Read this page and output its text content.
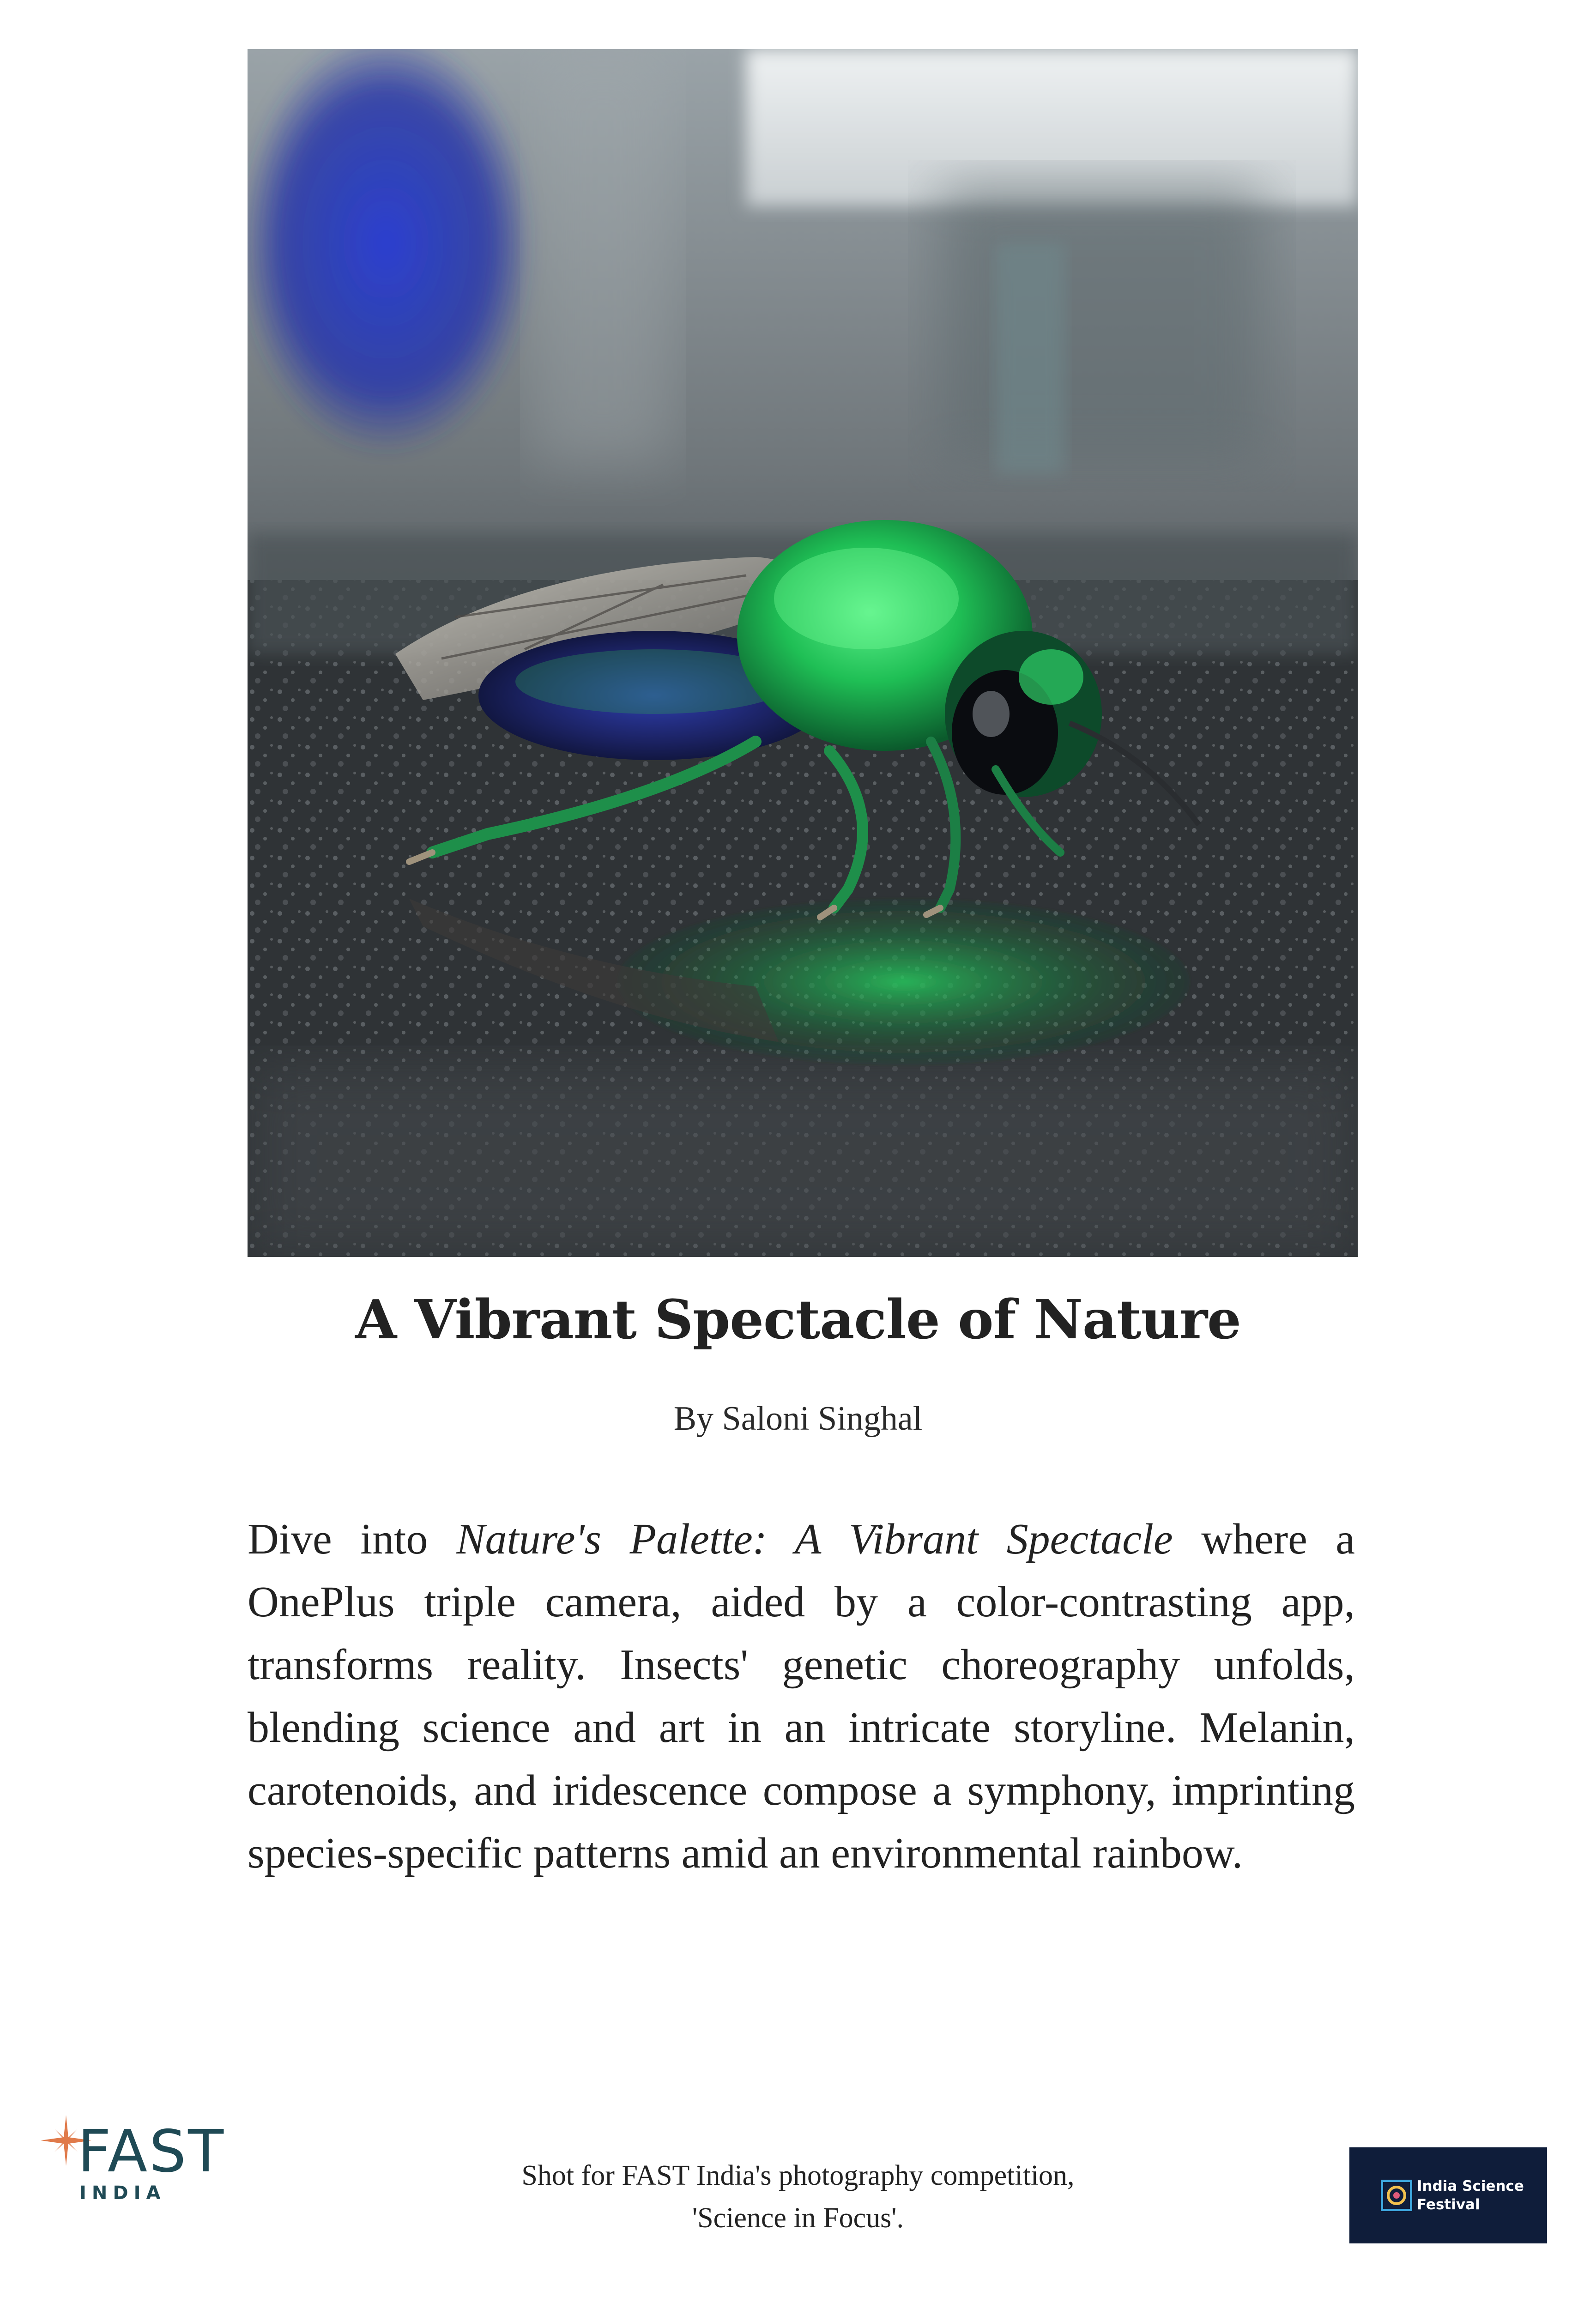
A Vibrant Spectacle of Nature
By Saloni Singhal
Dive into Nature's Palette: A Vibrant Spectacle where a OnePlus triple camera, aided by a color-contrasting app, transforms reality. Insects' genetic choreography unfolds, blending science and art in an intricate storyline. Melanin, carotenoids, and iridescence compose a symphony, imprinting species-specific patterns amid an environmental rainbow.
FAST
INDIA
Shot for FAST India's photography competition,
'Science in Focus'.
India Science
Festival
